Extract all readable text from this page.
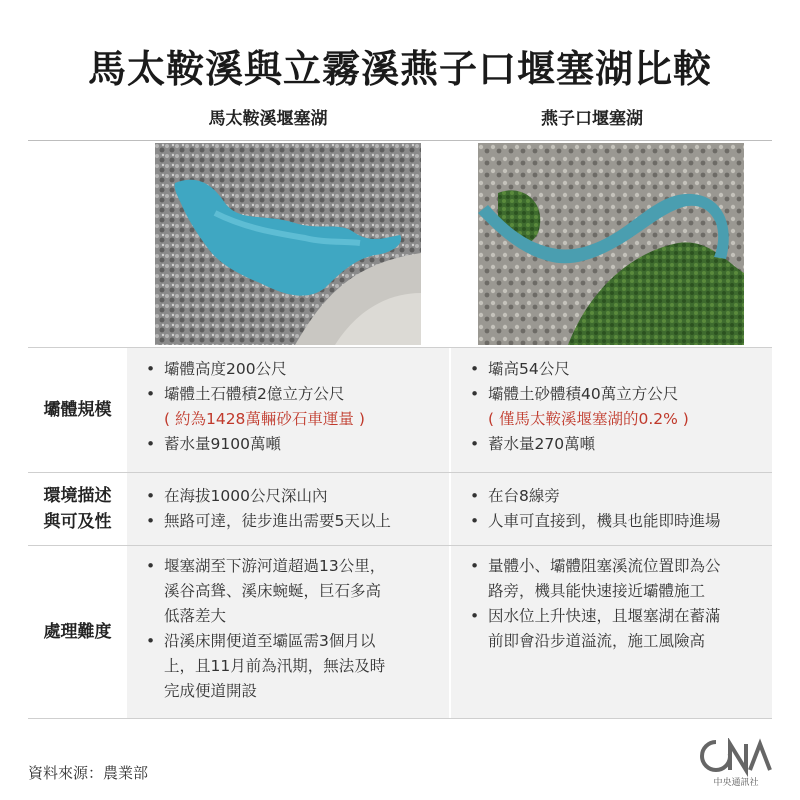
馬太鞍溪與立霧溪燕子口堰塞湖比較
馬太鞍溪堰塞湖	燕子口堰塞湖
壩體規模
• 壩體高度200公尺
• 壩體土石體積2億立方公尺
( 約為1428萬輛砂石車運量 )
• 蓄水量9100萬噸
• 壩高54公尺
• 壩體土砂體積40萬立方公尺
( 僅馬太鞍溪堰塞湖的0.2% )
• 蓄水量270萬噸
環境描述
與可及性
• 在海拔1000公尺深山內
• 無路可達，徒步進出需要5天以上
• 在台8線旁
• 人車可直接到，機具也能即時進場
處理難度
• 堰塞湖至下游河道超過13公里，
溪谷高聳、溪床蜿蜒，巨石多高
低落差大
• 沿溪床開便道至壩區需3個月以
上，且11月前為汛期，無法及時
完成便道開設
• 量體小、壩體阻塞溪流位置即為公
路旁，機具能快速接近壩體施工
• 因水位上升快速，且堰塞湖在蓄滿
前即會沿步道溢流，施工風險高
資料來源：農業部
中央通訊社
